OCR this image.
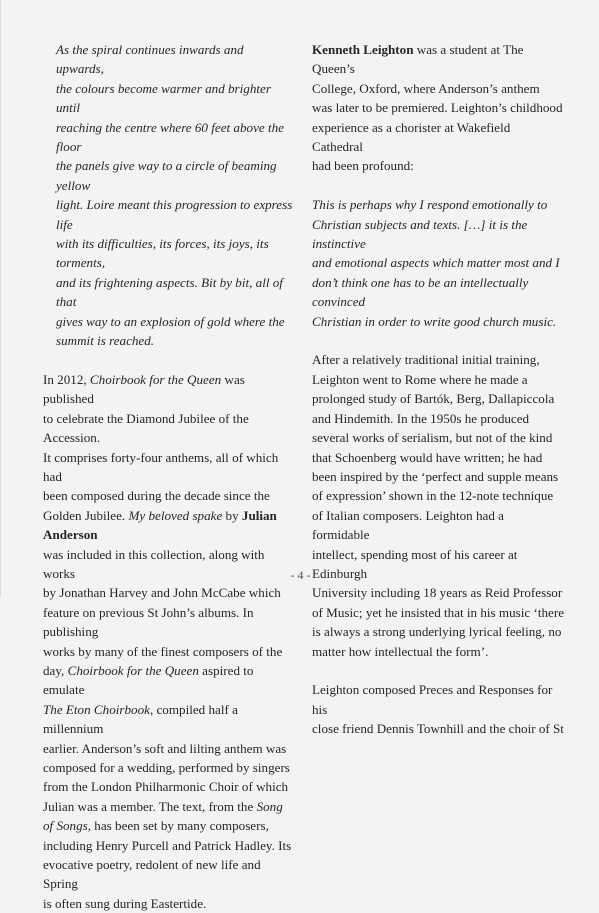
As the spiral continues inwards and upwards,
the colours become warmer and brighter until
reaching the centre where 60 feet above the floor
the panels give way to a circle of beaming yellow
light. Loire meant this progression to express life
with its difficulties, its forces, its joys, its torments,
and its frightening aspects. Bit by bit, all of that
gives way to an explosion of gold where the
summit is reached.
In 2012, Choirbook for the Queen was published
to celebrate the Diamond Jubilee of the Accession.
It comprises forty-four anthems, all of which had
been composed during the decade since the
Golden Jubilee. My beloved spake by Julian Anderson
was included in this collection, along with works
by Jonathan Harvey and John McCabe which
feature on previous St John’s albums. In publishing
works by many of the finest composers of the
day, Choirbook for the Queen aspired to emulate
The Eton Choirbook, compiled half a millennium
earlier. Anderson’s soft and lilting anthem was
composed for a wedding, performed by singers
from the London Philharmonic Choir of which
Julian was a member. The text, from the Song
of Songs, has been set by many composers,
including Henry Purcell and Patrick Hadley. Its
evocative poetry, redolent of new life and Spring
is often sung during Eastertide.
Kenneth Leighton was a student at The Queen’s
College, Oxford, where Anderson’s anthem
was later to be premiered. Leighton’s childhood
experience as a chorister at Wakefield Cathedral
had been profound:
This is perhaps why I respond emotionally to
Christian subjects and texts. […] it is the instinctive
and emotional aspects which matter most and I
don’t think one has to be an intellectually convinced
Christian in order to write good church music.
After a relatively traditional initial training,
Leighton went to Rome where he made a
prolonged study of Bartók, Berg, Dallapiccola
and Hindemith. In the 1950s he produced
several works of serialism, but not of the kind
that Schoenberg would have written; he had
been inspired by the ‘perfect and supple means
of expression’ shown in the 12-note technique
of Italian composers. Leighton had a formidable
intellect, spending most of his career at Edinburgh
University including 18 years as Reid Professor
of Music; yet he insisted that in his music ‘there
is always a strong underlying lyrical feeling, no
matter how intellectual the form’.
Leighton composed Preces and Responses for his
close friend Dennis Townhill and the choir of St
- 4 -
